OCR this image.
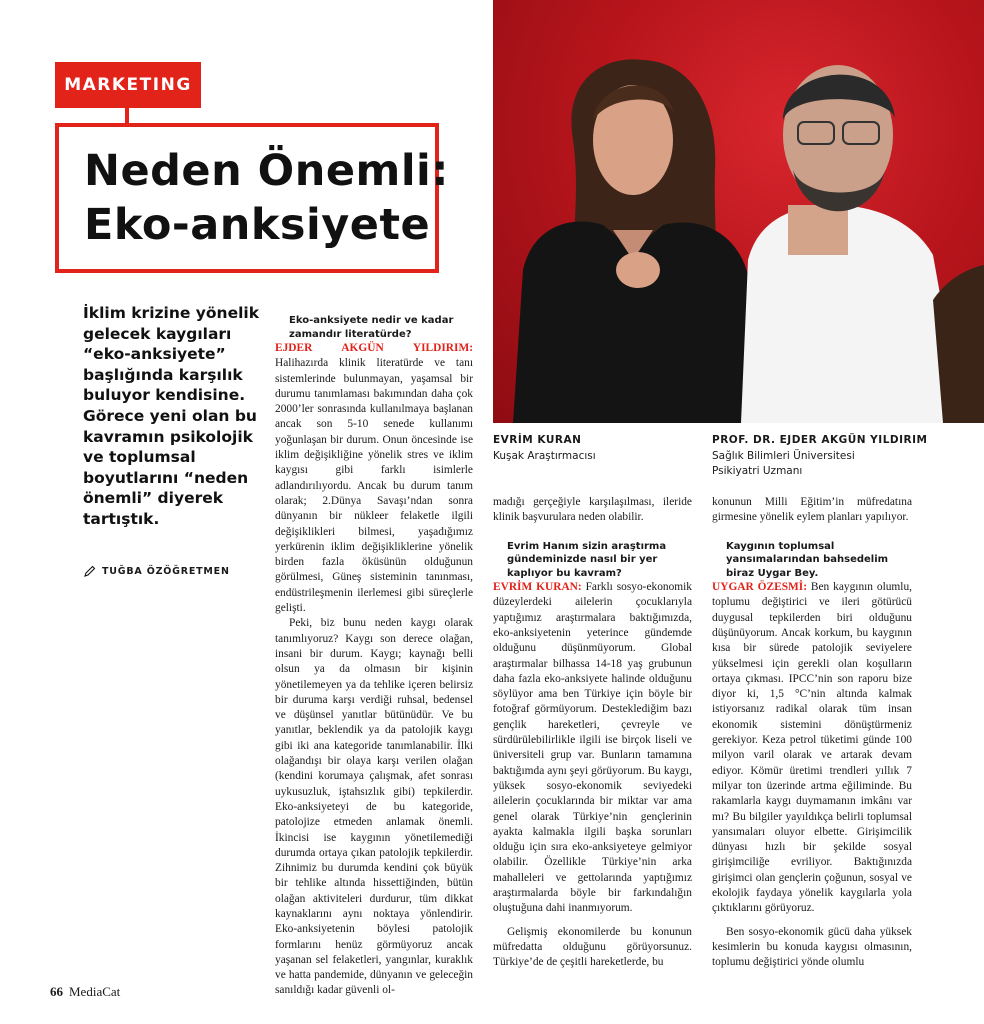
MARKETING
Neden Önemli:
Eko-anksiyete
EVRİM KURAN
Kuşak Araştırmacısı
PROF. DR. EJDER AKGÜN YILDIRIM
Sağlık Bilimleri Üniversitesi
Psikiyatri Uzmanı
İklim krizine yönelik gelecek kaygıları “eko-anksiyete” başlığında karşılık buluyor kendisine. Görece yeni olan bu kavramın psikolojik ve toplumsal boyutlarını “neden önemli” diyerek tartıştık.
TUĞBA ÖZÖĞRETMEN

Eko-anksiyete nedir ve kadar zamandır literatürde?

EJDER AKGÜN YILDIRIM: Halihazırda klinik literatürde ve tanı sistemlerinde bulunmayan, yaşamsal bir durumu tanımlaması bakımından daha çok 2000’ler sonrasında kullanılmaya başlanan ancak son 5-10 senede kullanımı yoğunlaşan bir durum. Onun öncesinde ise iklim değişikliğine yönelik stres ve iklim kaygısı gibi farklı isimlerle adlandırılıyordu. Ancak bu durum tanım olarak; 2.Dünya Savaşı’ndan sonra dünyanın bir nükleer felaketle ilgili değişiklikleri bilmesi, yaşadığımız yerkürenin iklim değişikliklerine yönelik birden fazla öküsünün olduğunun görülmesi, Güneş sisteminin tanınması, endüstrileşmenin ilerlemesi gibi süreçlerle gelişti.

Peki, biz bunu neden kaygı olarak tanımlıyoruz? Kaygı son derece olağan, insani bir durum. Kaygı; kaynağı belli olsun ya da olmasın bir kişinin yönetilemeyen ya da tehlike içeren belirsiz bir duruma karşı verdiği ruhsal, bedensel ve düşünsel yanıtlar bütünüdür. Ve bu yanıtlar, beklendik ya da patolojik kaygı gibi iki ana kategoride tanımlanabilir. İlki olağandışı bir olaya karşı verilen olağan (kendini korumaya çalışmak, afet sonrası uykusuzluk, iştahsızlık gibi) tepkilerdir. Eko-anksiyeteyi de bu kategoride, patolojize etmeden anlamak önemli. İkincisi ise kaygının yönetilemediği durumda ortaya çıkan patolojik tepkilerdir. Zihnimiz bu durumda kendini çok büyük bir tehlike altında hissettiğinden, bütün olağan aktiviteleri durdurur, tüm dikkat kaynaklarını aynı noktaya yönlendirir. Eko-anksiyetenin böylesi patolojik formlarını henüz görmüyoruz ancak yaşanan sel felaketleri, yangınlar, kuraklık ve hatta pandemide, dünyanın ve geleceğin sanıldığı kadar güvenli ol-

madığı gerçeğiyle karşılaşılması, ileride klinik başvurulara neden olabilir.

Evrim Hanım sizin araştırma gündeminizde nasıl bir yer kaplıyor bu kavram?

EVRİM KURAN: Farklı sosyo-ekonomik düzeylerdeki ailelerin çocuklarıyla yaptığımız araştırmalara baktığımızda, eko-anksiyetenin yeterince gündemde olduğunu düşünmüyorum. Global araştırmalar bilhassa 14-18 yaş grubunun daha fazla eko-anksiyete halinde olduğunu söylüyor ama ben Türkiye için böyle bir fotoğraf görmüyorum. Desteklediğim bazı gençlik hareketleri, çevreyle ve sürdürülebilirlikle ilgili ise birçok liseli ve üniversiteli grup var. Bunların tamamına baktığımda aynı şeyi görüyorum. Bu kaygı, yüksek sosyo-ekonomik seviyedeki ailelerin çocuklarında bir miktar var ama genel olarak Türkiye’nin gençlerinin ayakta kalmakla ilgili başka sorunları olduğu için sıra eko-anksiyeteye gelmiyor olabilir. Özellikle Türkiye’nin arka mahalleleri ve gettolarında yaptığımız araştırmalarda böyle bir farkındalığın oluştuğuna dahi inanmıyorum.

Gelişmiş ekonomilerde bu konunun müfredatta olduğunu görüyorsunuz. Türkiye’de de çeşitli hareketlerde, bu

konunun Milli Eğitim’in müfredatına girmesine yönelik eylem planları yapılıyor.

Kaygının toplumsal yansımalarından bahsedelim biraz Uygar Bey.

UYGAR ÖZESMİ: Ben kaygının olumlu, toplumu değiştirici ve ileri götürücü duygusal tepkilerden biri olduğunu düşünüyorum. Ancak korkum, bu kaygının kısa bir sürede patolojik seviyelere yükselmesi için gerekli olan koşulların ortaya çıkması. IPCC’nin son raporu bize diyor ki, 1,5 °C’nin altında kalmak istiyorsanız radikal olarak tüm insan ekonomik sistemini dönüştürmeniz gerekiyor. Keza petrol tüketimi günde 100 milyon varil olarak ve artarak devam ediyor. Kömür üretimi trendleri yıllık 7 milyar ton üzerinde artma eğiliminde. Bu rakamlarla kaygı duymamanın imkânı var mı? Bu bilgiler yayıldıkça belirli toplumsal yansımaları oluyor elbette. Girişimcilik dünyası hızlı bir şekilde sosyal girişimciliğe evriliyor. Baktığınızda girişimci olan gençlerin çoğunun, sosyal ve ekolojik faydaya yönelik kaygılarla yola çıktıklarını görüyoruz.

Ben sosyo-ekonomik gücü daha yüksek kesimlerin bu konuda kaygısı olmasının, toplumu değiştirici yönde olumlu

66 MediaCat
